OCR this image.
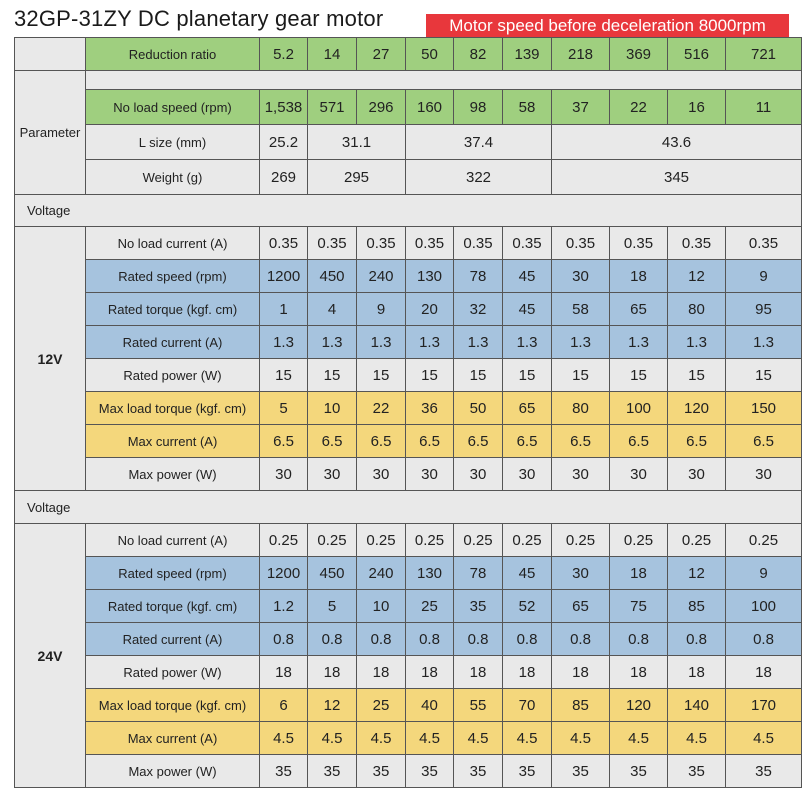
32GP-31ZY DC planetary gear motor	Motor speed before deceleration 8000rpm
	Reduction ratio	5.2	14	27	50	82	139	218	369	516	721
Parameter											
	No load speed (rpm)	1,538	571	296	160	98	58	37	22	16	11
	L size (mm)	25.2	31.1		37.4			43.6			
	Weight (g)	269	295		322			345			
Voltage											
12V	No load current (A)	0.35	0.35	0.35	0.35	0.35	0.35	0.35	0.35	0.35	0.35
	Rated speed (rpm)	1200	450	240	130	78	45	30	18	12	9
	Rated torque (kgf. cm)	1	4	9	20	32	45	58	65	80	95
	Rated current (A)	1.3	1.3	1.3	1.3	1.3	1.3	1.3	1.3	1.3	1.3
	Rated power (W)	15	15	15	15	15	15	15	15	15	15
	Max load torque (kgf. cm)	5	10	22	36	50	65	80	100	120	150
	Max current (A)	6.5	6.5	6.5	6.5	6.5	6.5	6.5	6.5	6.5	6.5
	Max power (W)	30	30	30	30	30	30	30	30	30	30
Voltage											
24V	No load current (A)	0.25	0.25	0.25	0.25	0.25	0.25	0.25	0.25	0.25	0.25
	Rated speed (rpm)	1200	450	240	130	78	45	30	18	12	9
	Rated torque (kgf. cm)	1.2	5	10	25	35	52	65	75	85	100
	Rated current (A)	0.8	0.8	0.8	0.8	0.8	0.8	0.8	0.8	0.8	0.8
	Rated power (W)	18	18	18	18	18	18	18	18	18	18
	Max load torque (kgf. cm)	6	12	25	40	55	70	85	120	140	170
	Max current (A)	4.5	4.5	4.5	4.5	4.5	4.5	4.5	4.5	4.5	4.5
	Max power (W)	35	35	35	35	35	35	35	35	35	35
